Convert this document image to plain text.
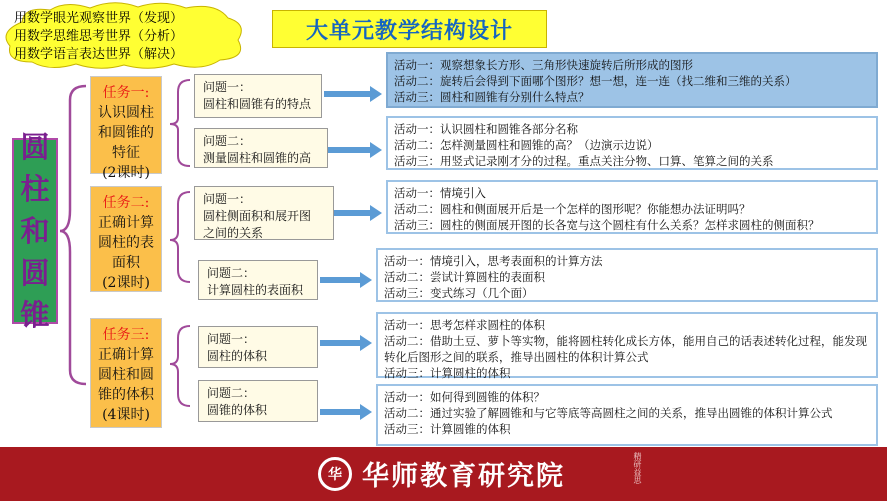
用数学眼光观察世界（发现）
用数学思维思考世界（分析）
用数学语言表达世界（解决）
大单元教学结构设计
圆
柱
和
圆
锥
任务一:
认识圆柱
和圆锥的
特征
(2课时)
任务二:
正确计算
圆柱的表
面积
(2课时)
任务三:
正确计算
圆柱和圆
锥的体积
(4课时)
问题一：
圆柱和圆锥有的特点
问题二：
测量圆柱和圆锥的高
问题一：
圆柱侧面积和展开图
之间的关系
问题二：
计算圆柱的表面积
问题一：
圆柱的体积
问题二：
圆锥的体积
活动一：观察想象长方形、三角形快速旋转后所形成的图形
活动二：旋转后会得到下面哪个图形？想一想，连一连（找二维和三维的关系）
活动三：圆柱和圆锥有分别什么特点？
活动一：认识圆柱和圆锥各部分名称
活动二：怎样测量圆柱和圆锥的高？（边演示边说）
活动三：用竖式记录刚才分的过程。重点关注分物、口算、笔算之间的关系
活动一：情境引入
活动二：圆柱和侧面展开后是一个怎样的图形呢？你能想办法证明吗？
活动三：圆柱的侧面展开图的长各宽与这个圆柱有什么关系？怎样求圆柱的侧面积？
活动一：情境引入，思考表面积的计算方法
活动二：尝试计算圆柱的表面积
活动三：变式练习（几个面）
活动一：思考怎样求圆柱的体积
活动二：借助土豆、萝卜等实物，能将圆柱转化成长方体，能用自己的话表述转化过程，能发现转化后图形之间的联系，推导出圆柱的体积计算公式
活动三：计算圆柱的体积
活动一：如何得到圆锥的体积？
活动二：通过实验了解圆锥和与它等底等高圆柱之间的关系，推导出圆锥的体积计算公式
活动三：计算圆锥的体积
华 华师教育研究院	精研益思
